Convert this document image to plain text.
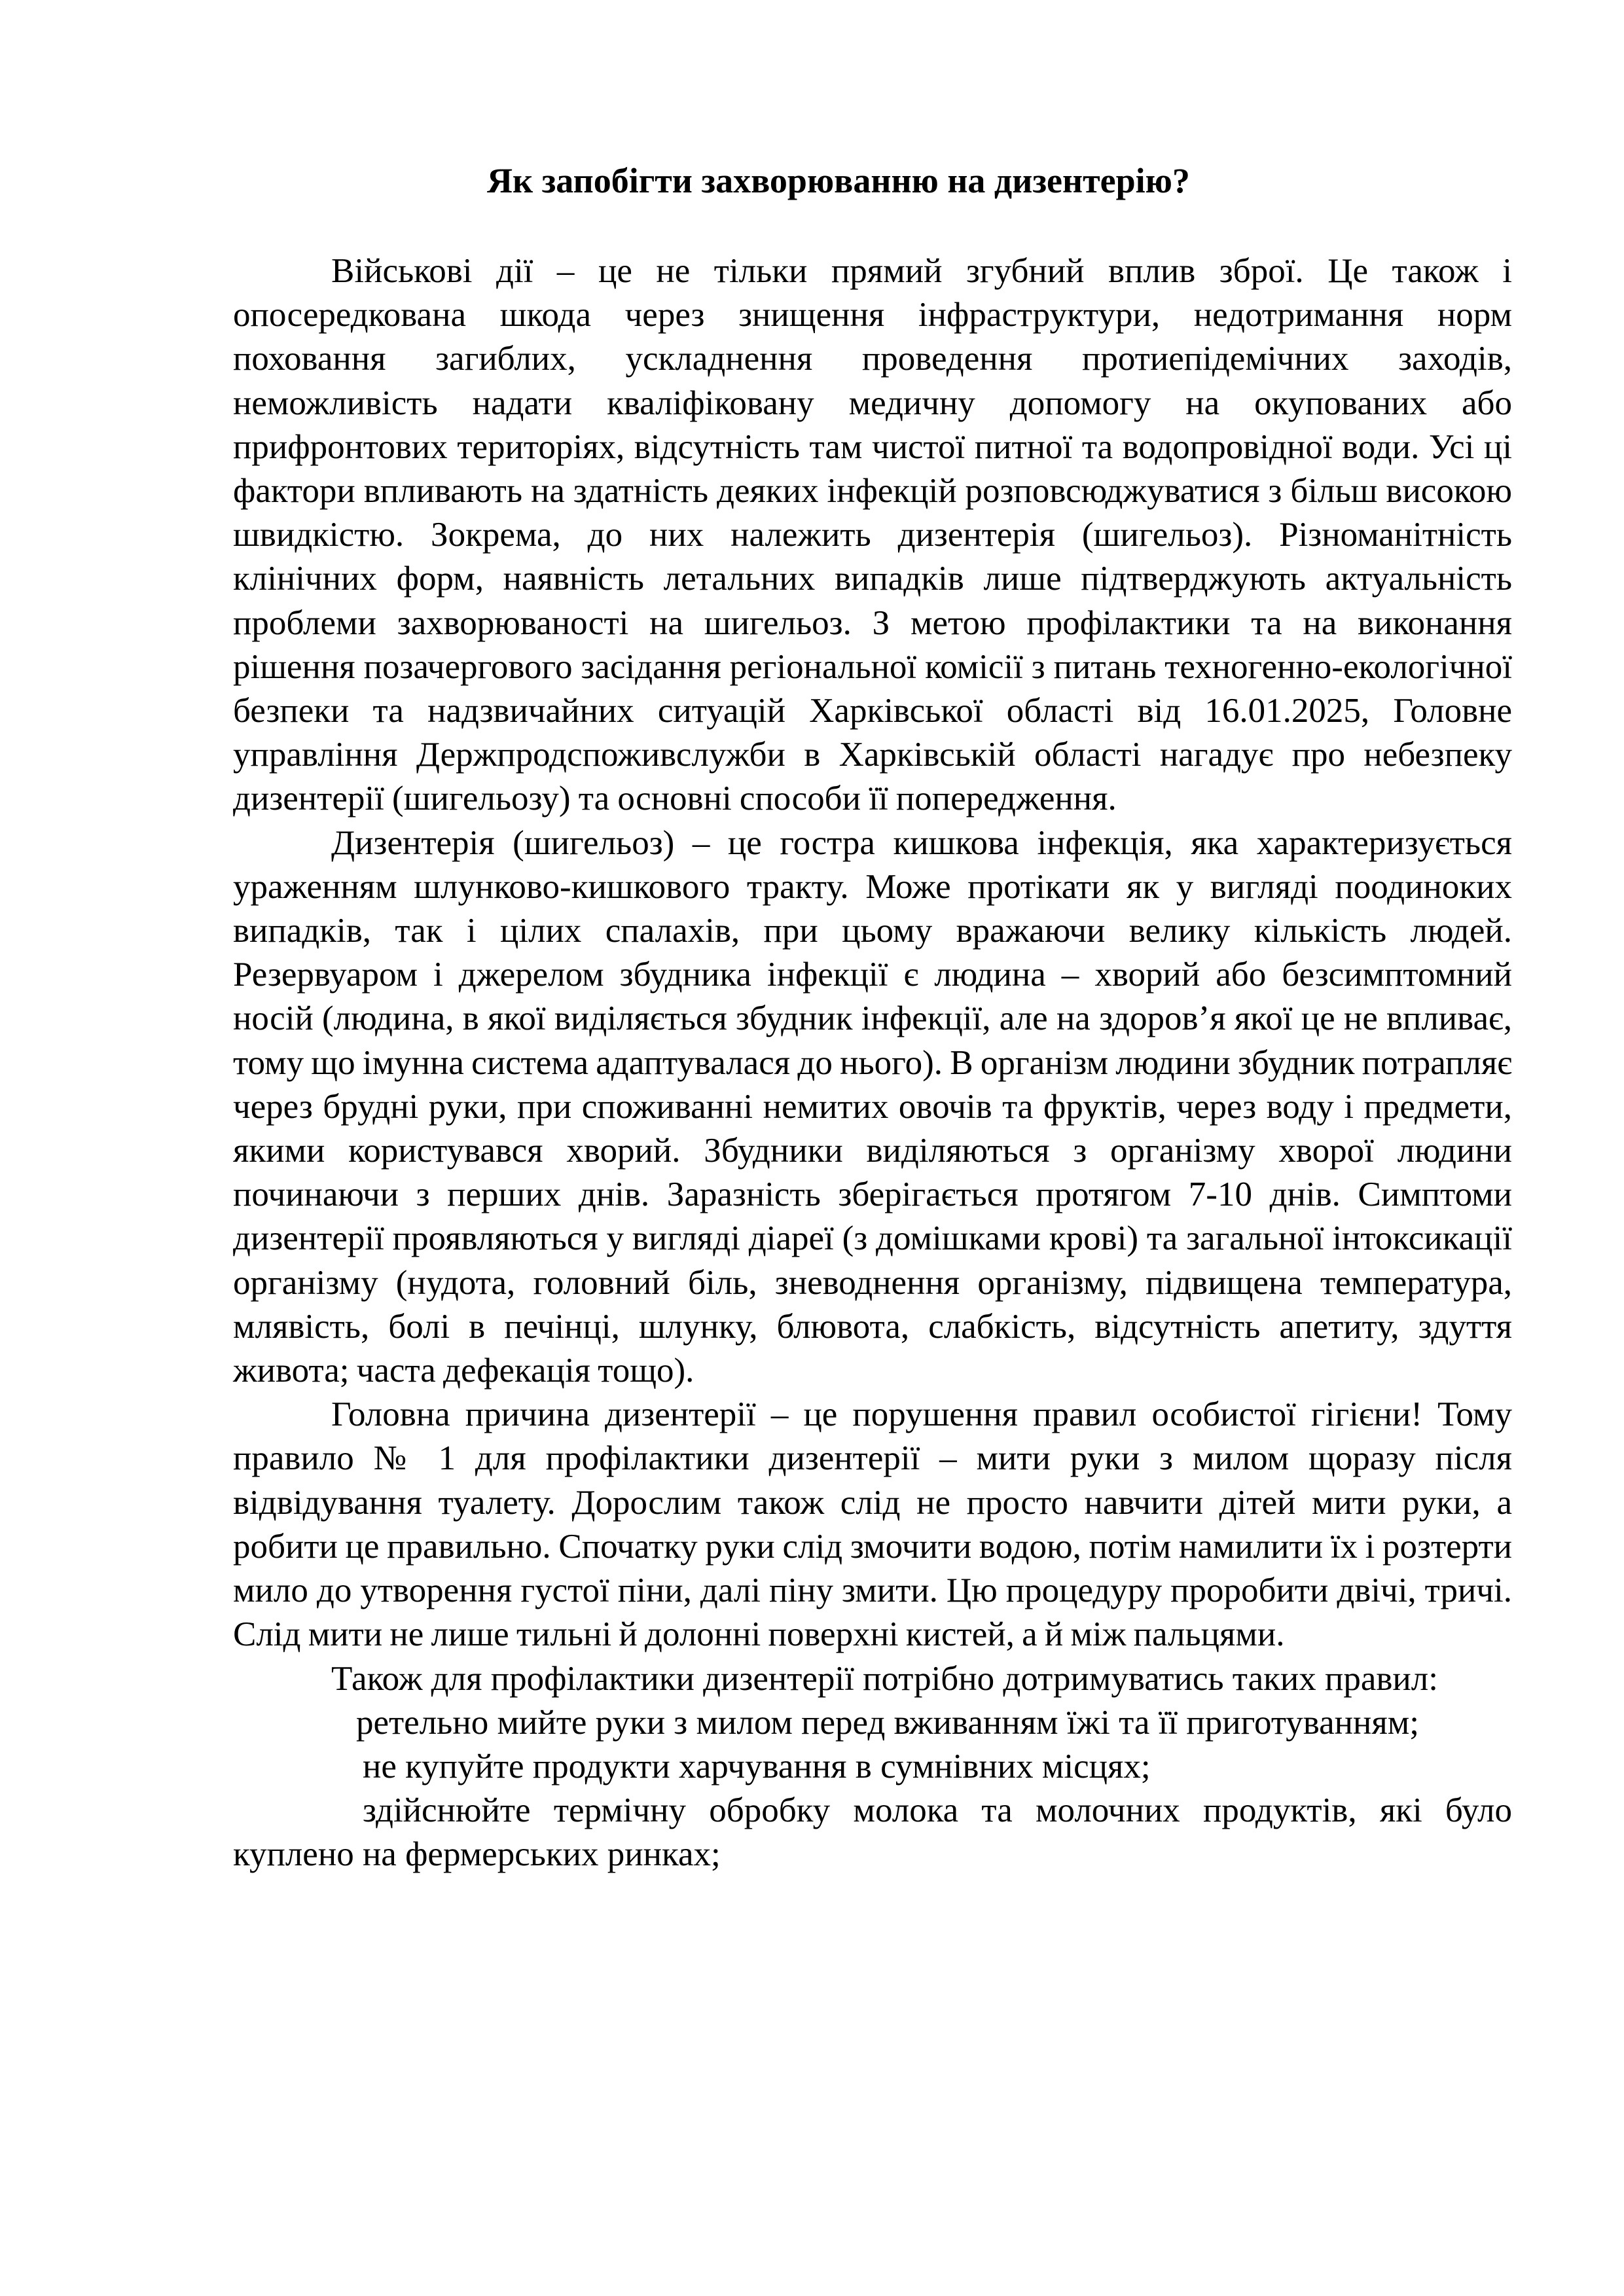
Як запобігти захворюванню на дизентерію?

Військові дії – це не тільки прямий згубний вплив зброї. Це також і опосередкована шкода через знищення інфраструктури, недотримання норм поховання загиблих, ускладнення проведення протиепідемічних заходів, неможливість надати кваліфіковану медичну допомогу на окупованих або прифронтових територіях, відсутність там чистої питної та водопровідної води. Усі ці фактори впливають на здатність деяких інфекцій розповсюджуватися з більш високою швидкістю. Зокрема, до них належить дизентерія (шигельоз). Різноманітність клінічних форм, наявність летальних випадків лише підтверджують актуальність проблеми захворюваності на шигельоз. З метою профілактики та на виконання рішення позачергового засідання регіональної комісії з питань техногенно-екологічної безпеки та надзвичайних ситуацій Харківської області від 16.01.2025, Головне управління Держпродспоживслужби в Харківській області нагадує про небезпеку дизентерії (шигельозу) та основні способи її попередження.

Дизентерія (шигельоз) – це гостра кишкова інфекція, яка характеризується ураженням шлунково-кишкового тракту. Може протікати як у вигляді поодиноких випадків, так і цілих спалахів, при цьому вражаючи велику кількість людей. Резервуаром і джерелом збудника інфекції є людина – хворий або безсимптомний носій (людина, в якої виділяється збудник інфекції, але на здоров’я якої це не впливає, тому що імунна система адаптувалася до нього). В організм людини збудник потрапляє через брудні руки, при споживанні немитих овочів та фруктів, через воду і предмети, якими користувався хворий. Збудники виділяються з організму хворої людини починаючи з перших днів. Заразність зберігається протягом 7-10 днів. Симптоми дизентерії проявляються у вигляді діареї (з домішками крові) та загальної інтоксикації організму (нудота, головний біль, зневоднення організму, підвищена температура, млявість, болі в печінці, шлунку, блювота, слабкість, відсутність апетиту, здуття живота; часта дефекація тощо).

Головна причина дизентерії – це порушення правил особистої гігієни! Тому правило № 1 для профілактики дизентерії – мити руки з милом щоразу після відвідування туалету. Дорослим також слід не просто навчити дітей мити руки, а робити це правильно. Спочатку руки слід змочити водою, потім намилити їх і розтерти мило до утворення густої піни, далі піну змити. Цю процедуру проробити двічі, тричі. Слід мити не лише тильні й долонні поверхні кистей, а й між пальцями.

Також для профілактики дизентерії потрібно дотримуватись таких правил:

ретельно мийте руки з милом перед вживанням їжі та її приготуванням;

не купуйте продукти харчування в сумнівних місцях;

здійснюйте термічну обробку молока та молочних продуктів, які було куплено на фермерських ринках;
